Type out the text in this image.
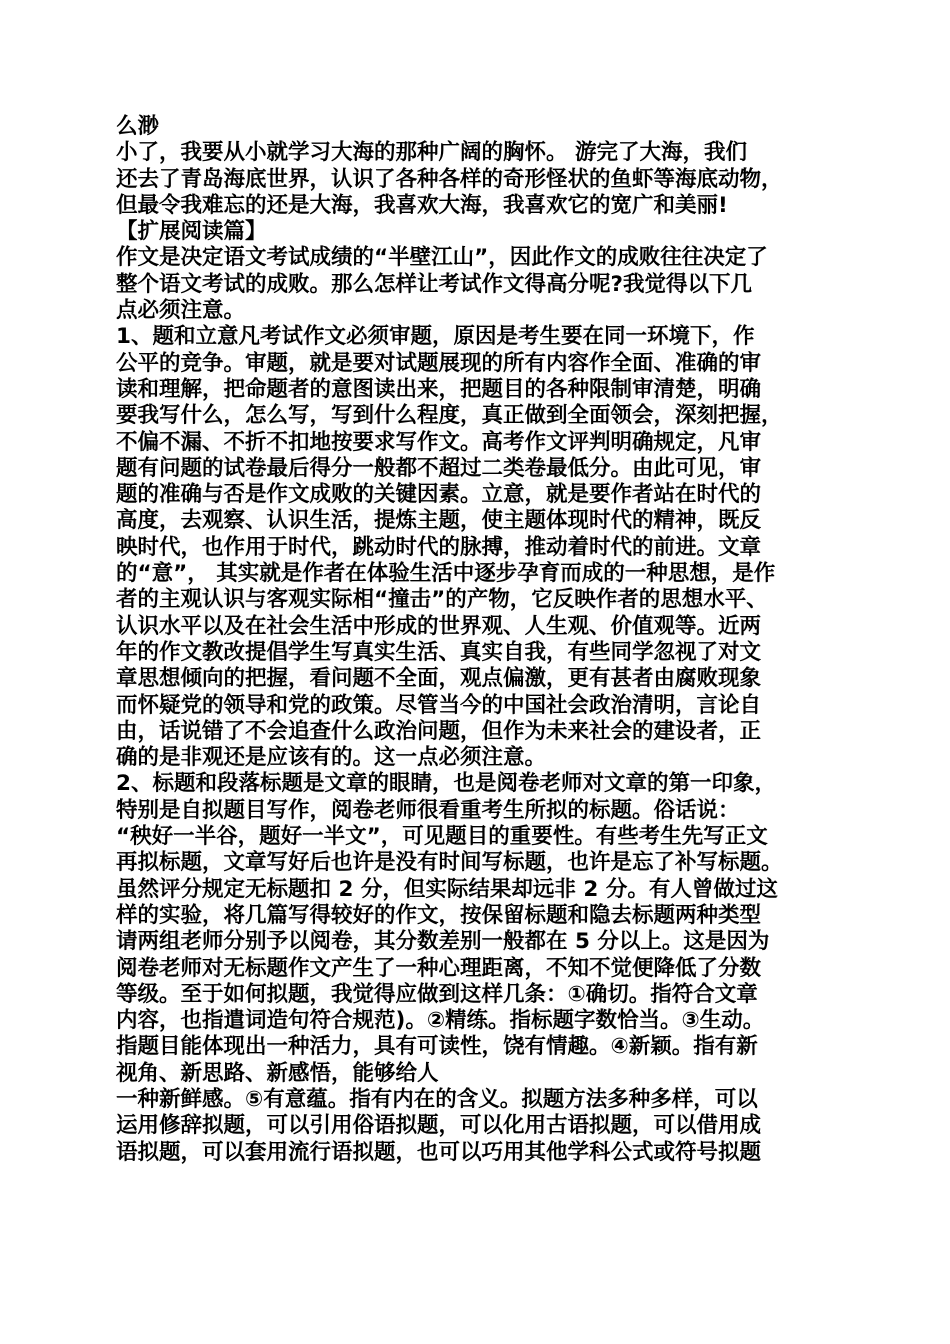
么渺
小了，我要从小就学习大海的那种广阔的胸怀。 游完了大海，我们
还去了青岛海底世界，认识了各种各样的奇形怪状的鱼虾等海底动物，
但最令我难忘的还是大海，我喜欢大海，我喜欢它的宽广和美丽!
【扩展阅读篇】
作文是决定语文考试成绩的“半壁江山”，因此作文的成败往往决定了
整个语文考试的成败。那么怎样让考试作文得高分呢?我觉得以下几
点必须注意。
1、题和立意凡考试作文必须审题，原因是考生要在同一环境下，作
公平的竞争。审题，就是要对试题展现的所有内容作全面、准确的审
读和理解，把命题者的意图读出来，把题目的各种限制审清楚，明确
要我写什么，怎么写，写到什么程度，真正做到全面领会，深刻把握，
不偏不漏、不折不扣地按要求写作文。高考作文评判明确规定，凡审
题有问题的试卷最后得分一般都不超过二类卷最低分。由此可见，审
题的准确与否是作文成败的关键因素。立意，就是要作者站在时代的
高度，去观察、认识生活，提炼主题，使主题体现时代的精神，既反
映时代，也作用于时代，跳动时代的脉搏，推动着时代的前进。文章
的“意”， 其实就是作者在体验生活中逐步孕育而成的一种思想，是作
者的主观认识与客观实际相“撞击”的产物，它反映作者的思想水平、
认识水平以及在社会生活中形成的世界观、人生观、价值观等。近两
年的作文教改提倡学生写真实生活、真实自我，有些同学忽视了对文
章思想倾向的把握，看问题不全面，观点偏激，更有甚者由腐败现象
而怀疑党的领导和党的政策。尽管当今的中国社会政治清明，言论自
由，话说错了不会追查什么政治问题，但作为未来社会的建设者，正
确的是非观还是应该有的。这一点必须注意。
2、标题和段落标题是文章的眼睛，也是阅卷老师对文章的第一印象，
特别是自拟题目写作，阅卷老师很看重考生所拟的标题。俗话说：
“秧好一半谷，题好一半文”，可见题目的重要性。有些考生先写正文
再拟标题，文章写好后也许是没有时间写标题，也许是忘了补写标题。
虽然评分规定无标题扣 2 分，但实际结果却远非 2 分。有人曾做过这
样的实验，将几篇写得较好的作文，按保留标题和隐去标题两种类型
请两组老师分别予以阅卷，其分数差别一般都在 5 分以上。这是因为
阅卷老师对无标题作文产生了一种心理距离，不知不觉便降低了分数
等级。至于如何拟题，我觉得应做到这样几条：①确切。指符合文章
内容，也指遣词造句符合规范)。②精练。指标题字数恰当。③生动。
指题目能体现出一种活力，具有可读性，饶有情趣。④新颖。指有新
视角、新思路、新感悟，能够给人
一种新鲜感。⑤有意蕴。指有内在的含义。拟题方法多种多样，可以
运用修辞拟题，可以引用俗语拟题，可以化用古语拟题，可以借用成
语拟题，可以套用流行语拟题，也可以巧用其他学科公式或符号拟题
